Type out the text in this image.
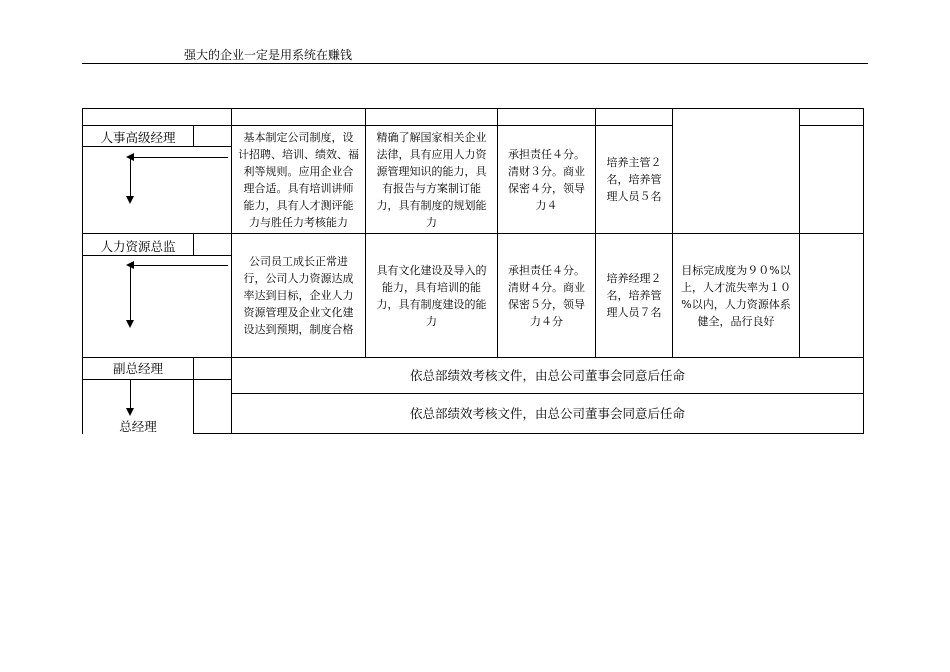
强大的企业一定是用系统在赚钱
人事高级经理	基本制定公司制度，设
计招聘、培训、绩效、福
利等规则。应用企业合
理合适。具有培训讲师
能力，具有人才测评能
力与胜任力考核能力
精确了解国家相关企业
法律，具有应用人力资
源管理知识的能力，具
有报告与方案制订能
力，具有制度的规划能
力
承担责任４分。
清财３分。商业
保密４分，领导
力４
培养主管２
名，培养管
理人员５名
人力资源总监
公司员工成长正常进
行，公司人力资源达成
率达到目标，企业人力
资源管理及企业文化建
设达到预期，制度合格
具有文化建设及导入的
能力，具有培训的能
力，具有制度建设的能
力
承担责任４分。
清财４分。商业
保密５分，领导
力４分
培养经理２
名，培养管
理人员７名
目标完成度为９０%以
上，人才流失率为１０
%以内，人力资源体系
健全，品行良好
副总经理	依总部绩效考核文件，由总公司董事会同意后任命
总经理
依总部绩效考核文件，由总公司董事会同意后任命
